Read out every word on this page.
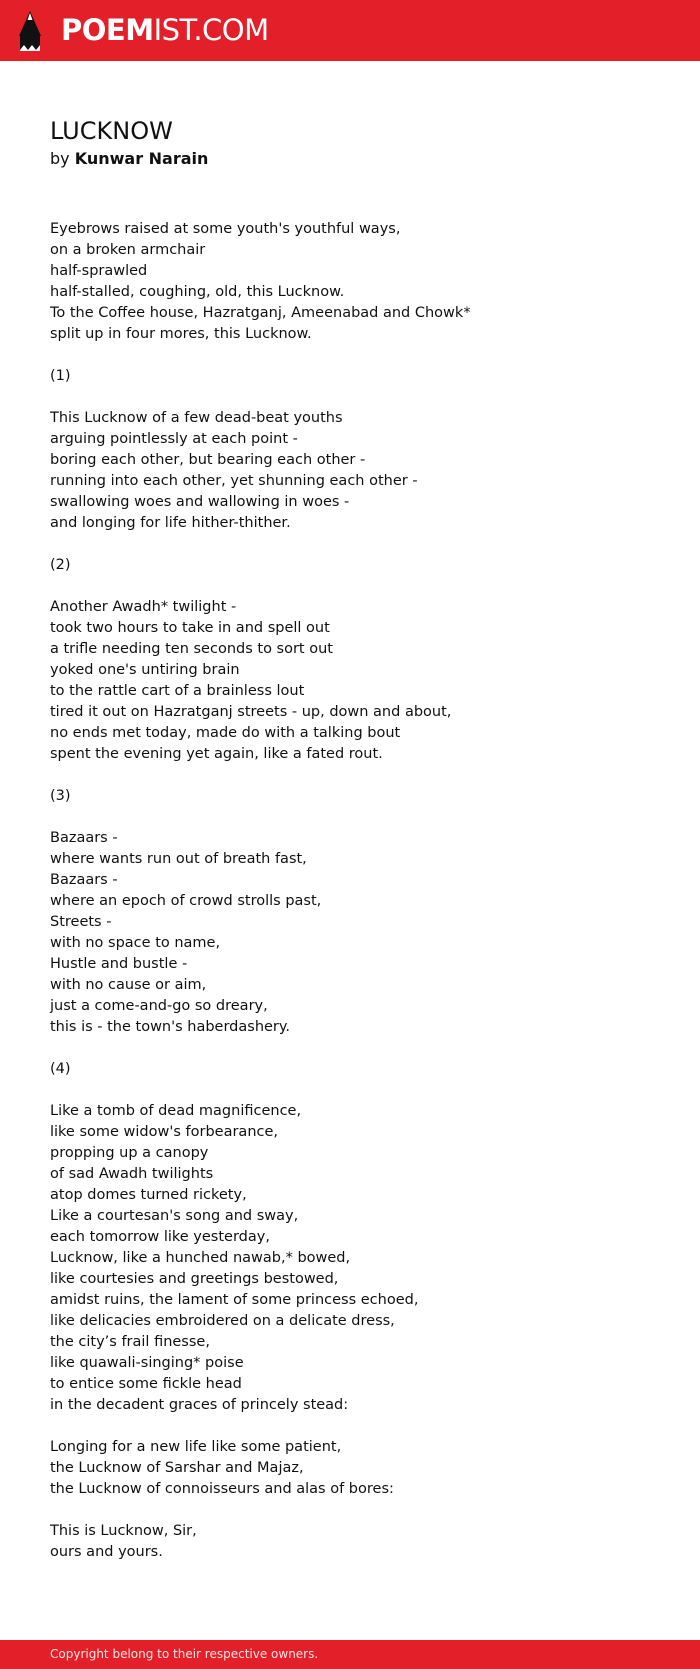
POEMIST.COM
LUCKNOW
by Kunwar Narain
Eyebrows raised at some youth's youthful ways,
on a broken armchair
half-sprawled
half-stalled, coughing, old, this Lucknow.
To the Coffee house, Hazratganj, Ameenabad and Chowk*
split up in four mores, this Lucknow.

(1)

This Lucknow of a few dead-beat youths
arguing pointlessly at each point -
boring each other, but bearing each other -
running into each other, yet shunning each other -
swallowing woes and wallowing in woes -
and longing for life hither-thither.

(2)

Another Awadh* twilight -
took two hours to take in and spell out
a trifle needing ten seconds to sort out
yoked one's untiring brain
to the rattle cart of a brainless lout
tired it out on Hazratganj streets - up, down and about,
no ends met today, made do with a talking bout
spent the evening yet again, like a fated rout.

(3)

Bazaars -
where wants run out of breath fast,
Bazaars -
where an epoch of crowd strolls past,
Streets -
with no space to name,
Hustle and bustle -
with no cause or aim,
just a come-and-go so dreary,
this is - the town's haberdashery.

(4)

Like a tomb of dead magnificence,
like some widow's forbearance,
propping up a canopy
of sad Awadh twilights
atop domes turned rickety,
Like a courtesan's song and sway,
each tomorrow like yesterday,
Lucknow, like a hunched nawab,* bowed,
like courtesies and greetings bestowed,
amidst ruins, the lament of some princess echoed,
like delicacies embroidered on a delicate dress,
the city’s frail finesse,
like quawali-singing* poise
to entice some fickle head
in the decadent graces of princely stead:

Longing for a new life like some patient,
the Lucknow of Sarshar and Majaz,
the Lucknow of connoisseurs and alas of bores:

This is Lucknow, Sir,
ours and yours.
Copyright belong to their respective owners.
